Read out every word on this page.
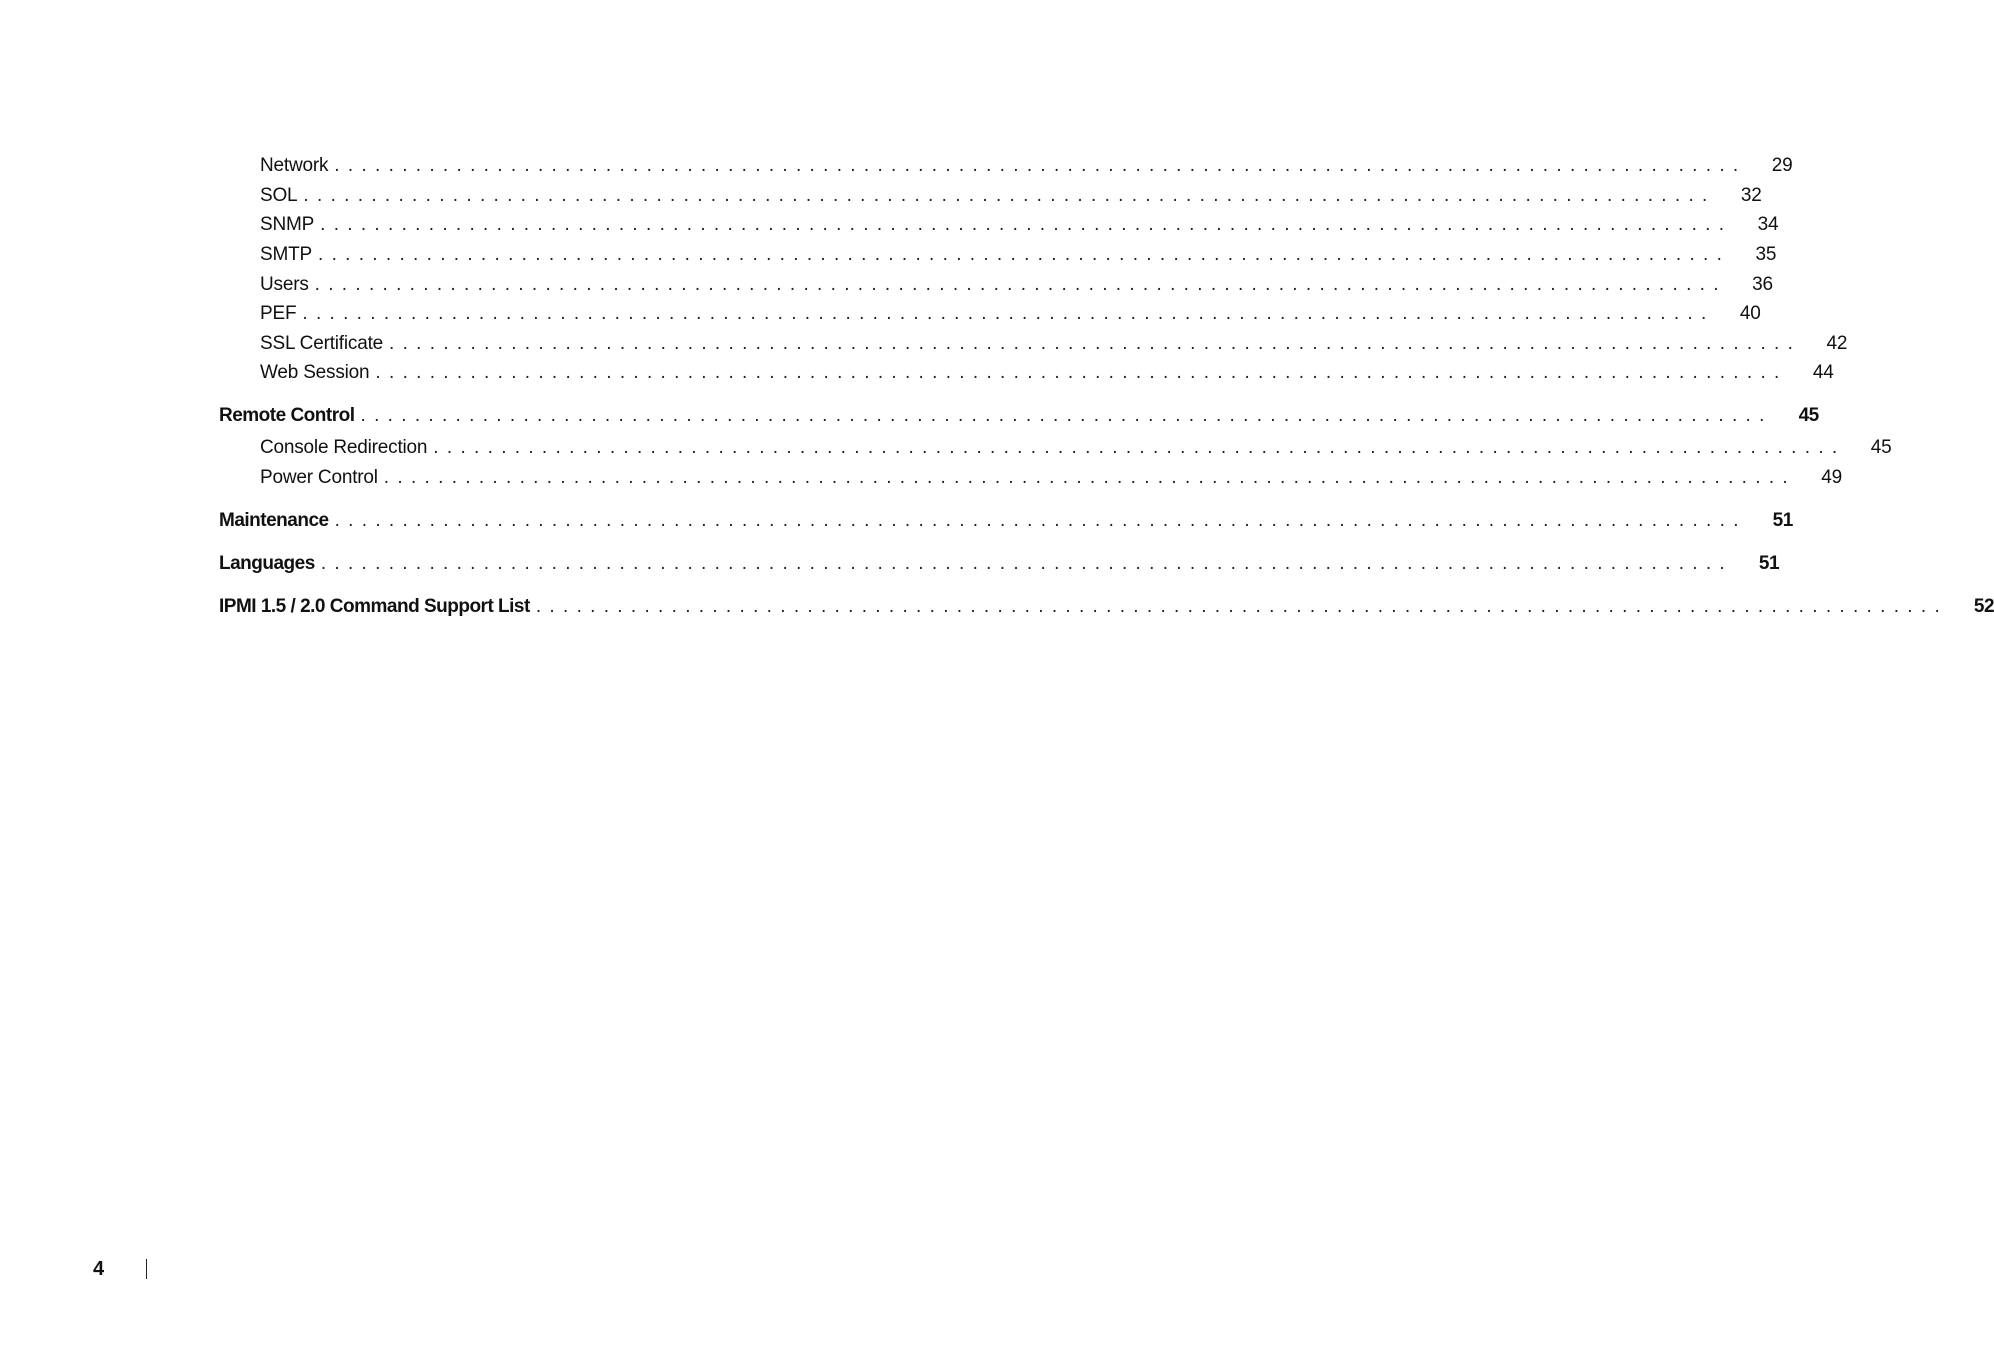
Network ........................................................................................................ 29
SOL ........................................................................................................ 32
SNMP ........................................................................................................ 34
SMTP ........................................................................................................ 35
Users ........................................................................................................ 36
PEF ........................................................................................................ 40
SSL Certificate ........................................................................................................ 42
Web Session ........................................................................................................ 44
Remote Control ........................................................................................................ 45
Console Redirection ........................................................................................................ 45
Power Control ........................................................................................................ 49
Maintenance ........................................................................................................ 51
Languages ........................................................................................................ 51
IPMI 1.5 / 2.0 Command Support List ........................................................................................................ 52
4
